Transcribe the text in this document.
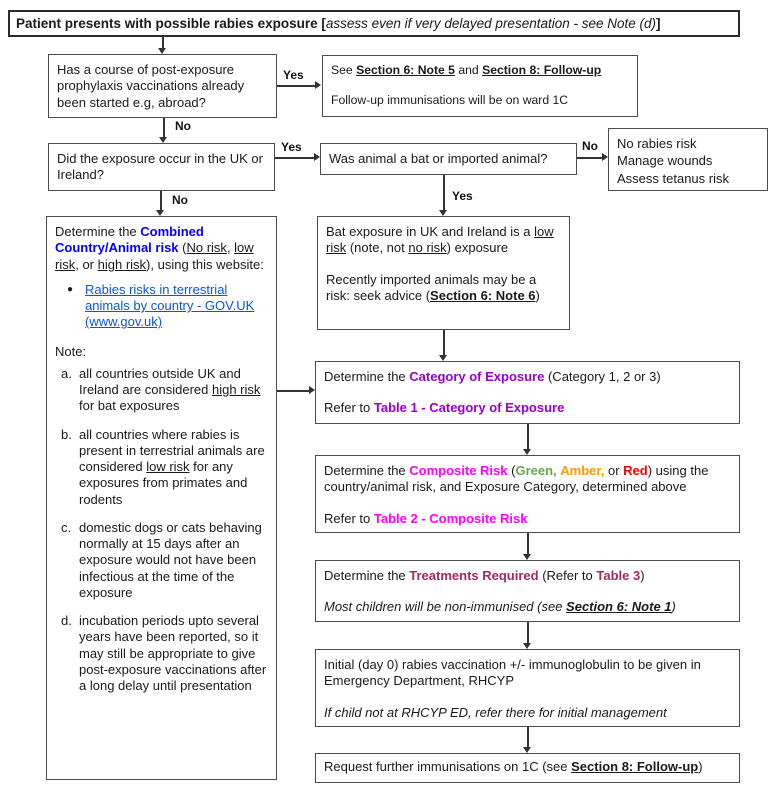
Patient presents with possible rabies exposure [ assess even if very delayed presentation - see Note (d) ]
Has a course of post-exposure prophylaxis vaccinations already been started e.g, abroad?
See Section 6: Note 5 and Section 8: Follow-up
Follow-up immunisations will be on ward 1C
Did the exposure occur in the UK or Ireland?
Was animal a bat or imported animal?
No rabies risk
Manage wounds
Assess tetanus risk
Determine the Combined Country/Animal risk (No risk, low risk, or high risk), using this website:
● Rabies risks in terrestrial animals by country - GOV.UK (www.gov.uk)
Note:
a. all countries outside UK and Ireland are considered high risk for bat exposures
b. all countries where rabies is present in terrestrial animals are considered low risk for any exposures from primates and rodents
c. domestic dogs or cats behaving normally at 15 days after an exposure would not have been infectious at the time of the exposure
d. incubation periods upto several years have been reported, so it may still be appropriate to give post-exposure vaccinations after a long delay until presentation
Bat exposure in UK and Ireland is a low risk (note, not no risk) exposure
Recently imported animals may be a risk: seek advice (Section 6: Note 6)
Determine the Category of Exposure (Category 1, 2 or 3)
Refer to Table 1 - Category of Exposure
Determine the Composite Risk (Green, Amber, or Red) using the country/animal risk, and Exposure Category, determined above
Refer to Table 2 - Composite Risk
Determine the Treatments Required (Refer to Table 3)
Most children will be non-immunised (see Section 6: Note 1)
Initial (day 0) rabies vaccination +/- immunoglobulin to be given in Emergency Department, RHCYP
If child not at RHCYP ED, refer there for initial management
Request further immunisations on 1C (see Section 8: Follow-up)
Yes
No
Yes
No
No
Yes
